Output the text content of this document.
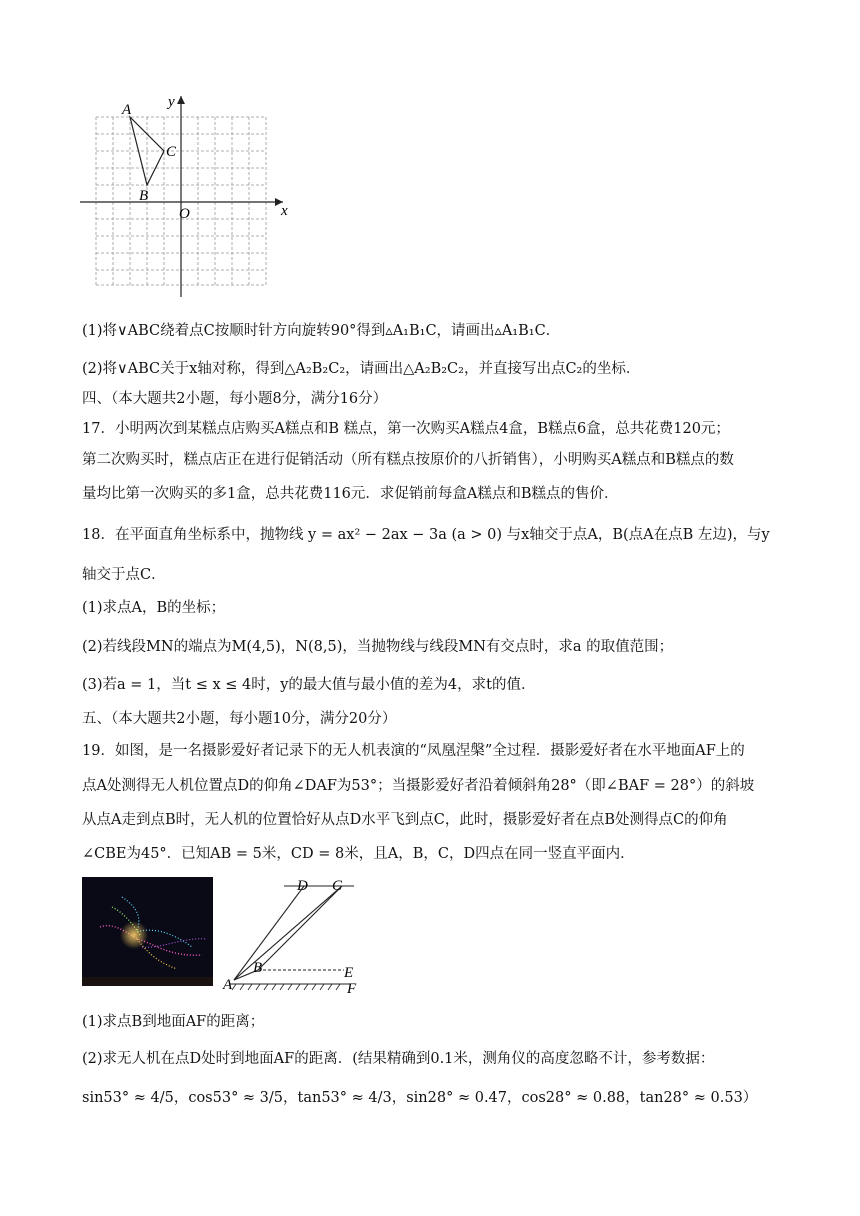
A
C
B
O	x
y
(1)将∨ABC绕着点C按顺时针方向旋转90°得到▵A₁B₁C，请画出▵A₁B₁C．
(2)将∨ABC关于x轴对称，得到△A₂B₂C₂，请画出△A₂B₂C₂，并直接写出点C₂的坐标．
四、（本大题共2小题，每小题8分，满分16分）
17．小明两次到某糕点店购买A糕点和B 糕点，第一次购买A糕点4盒，B糕点6盒，总共花费120元；
第二次购买时，糕点店正在进行促销活动（所有糕点按原价的八折销售），小明购买A糕点和B糕点的数
量均比第一次购买的多1盒，总共花费116元．求促销前每盒A糕点和B糕点的售价．
18．在平面直角坐标系中，抛物线 y = ax² − 2ax − 3a (a > 0) 与x轴交于点A，B(点A在点B 左边)，与y
轴交于点C．
(1)求点A，B的坐标；
(2)若线段MN的端点为M(4,5)，N(8,5)，当抛物线与线段MN有交点时，求a 的取值范围；
(3)若a = 1，当t ≤ x ≤ 4时，y的最大值与最小值的差为4，求t的值．
五、（本大题共2小题，每小题10分，满分20分）
19．如图，是一名摄影爱好者记录下的无人机表演的“凤凰涅槃”全过程．摄影爱好者在水平地面AF上的
点A处测得无人机位置点D的仰角∠DAF为53°；当摄影爱好者沿着倾斜角28°（即∠BAF = 28°）的斜坡
从点A走到点B时，无人机的位置恰好从点D水平飞到点C，此时，摄影爱好者在点B处测得点C的仰角
∠CBE为45°．已知AB = 5米，CD = 8米，且A，B，C，D四点在同一竖直平面内．
D C
B	E
A	F
(1)求点B到地面AF的距离；
(2)求无人机在点D处时到地面AF的距离．(结果精确到0.1米，测角仪的高度忽略不计，参考数据：
sin53° ≈ 4/5，cos53° ≈ 3/5，tan53° ≈ 4/3，sin28° ≈ 0.47，cos28° ≈ 0.88，tan28° ≈ 0.53）
